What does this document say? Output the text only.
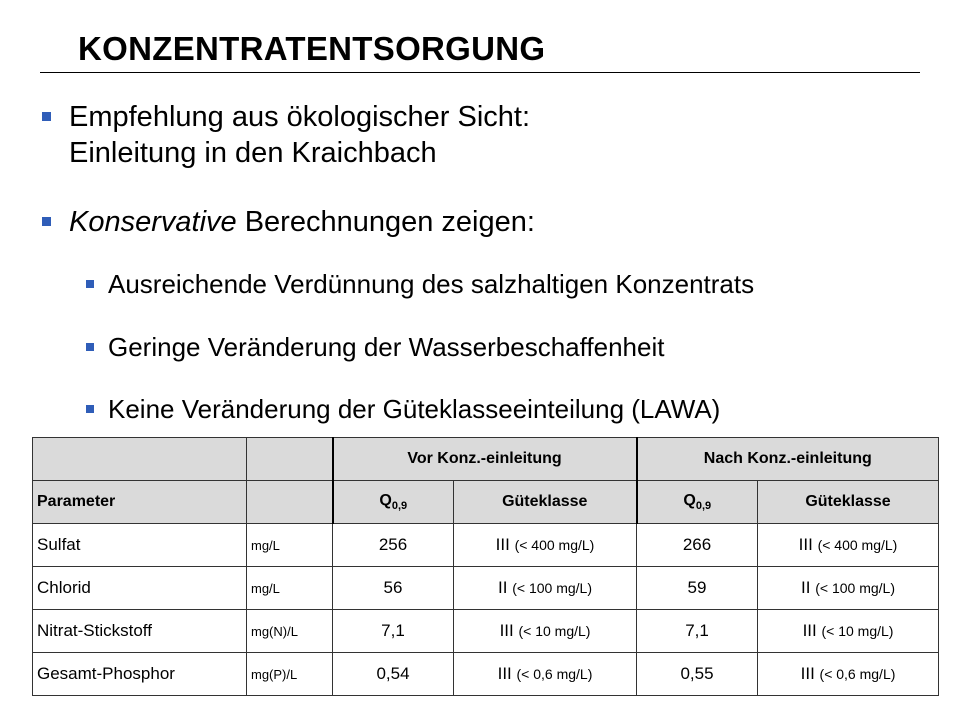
KONZENTRATENTSORGUNG
Empfehlung aus ökologischer Sicht:
Einleitung in den Kraichbach
Konservative Berechnungen zeigen:
Ausreichende Verdünnung des salzhaltigen Konzentrats
Geringe Veränderung der Wasserbeschaffenheit
Keine Veränderung der Güteklasseeinteilung (LAWA)
		Vor Konz.-einleitung		Nach Konz.-einleitung	
Parameter		$Q_{0,9}$	Güteklasse	$Q_{0,9}$	Güteklasse
Sulfat	mg/L	256	III (< 400 mg/L)	266	III (< 400 mg/L)
Chlorid	mg/L	56	II (< 100 mg/L)	59	II (< 100 mg/L)
Nitrat-Stickstoff	mg(N)/L	7,1	III (< 10 mg/L)	7,1	III (< 10 mg/L)
Gesamt-Phosphor	mg(P)/L	0,54	III (< 0,6 mg/L)	0,55	III (< 0,6 mg/L)
